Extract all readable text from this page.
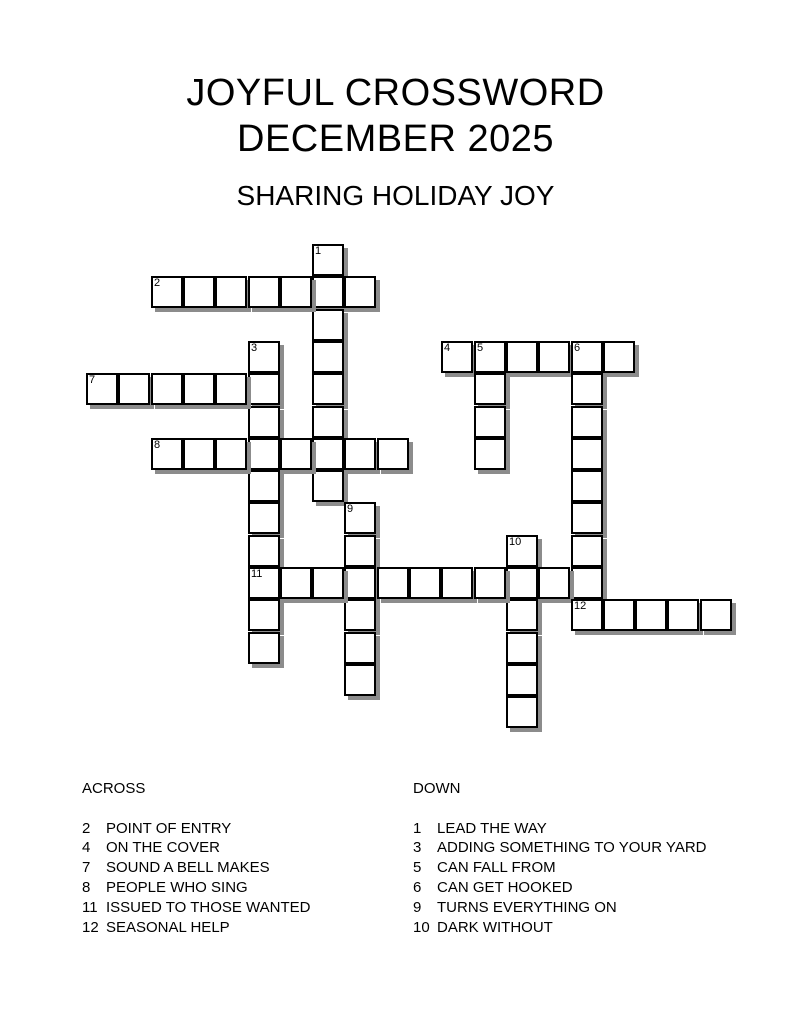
JOYFUL CROSSWORD
DECEMBER 2025
SHARING HOLIDAY JOY
1
2
3
11
4 5	6
7
8
9
10
12
ACROSS
2	POINT OF ENTRY
4	ON THE COVER
7	SOUND A BELL MAKES
8	PEOPLE WHO SING
11 ISSUED TO THOSE WANTED
12 SEASONAL HELP
DOWN
1	LEAD THE WAY
3	ADDING SOMETHING TO YOUR YARD
5	CAN FALL FROM
6	CAN GET HOOKED
9	TURNS EVERYTHING ON
10 DARK WITHOUT
